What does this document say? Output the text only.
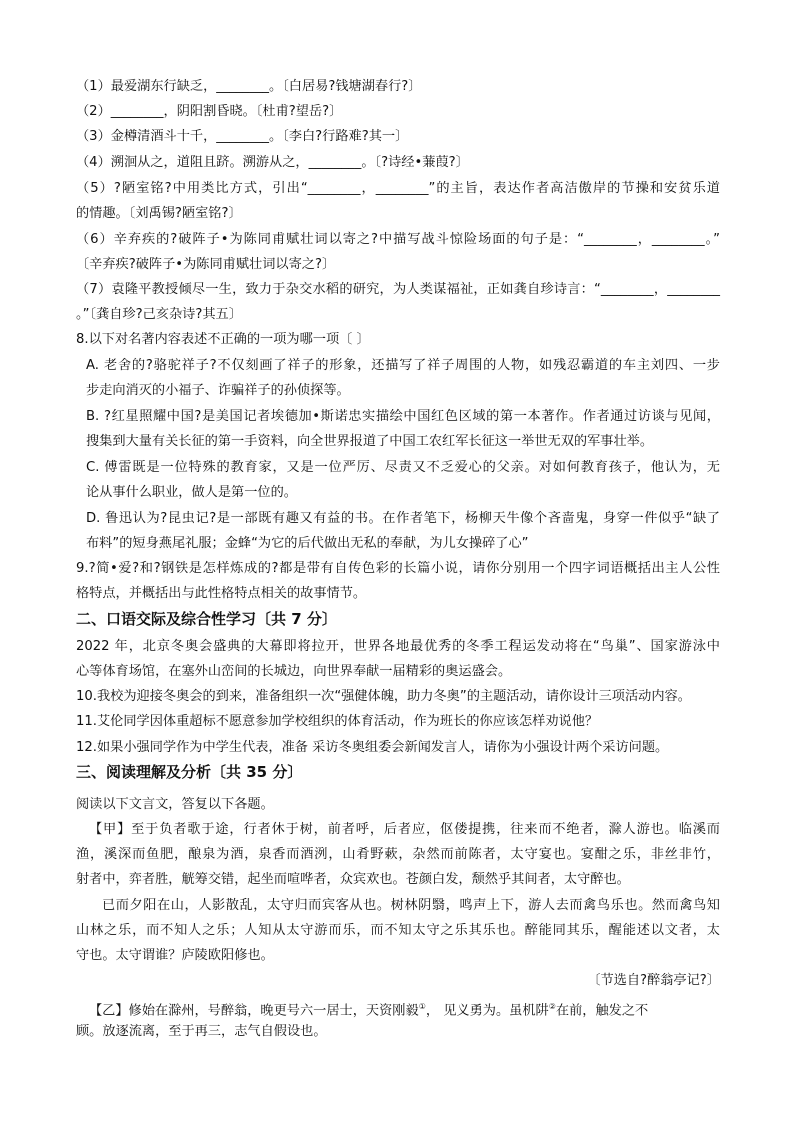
（1）最爱湖东行缺乏，________。〔白居易?钱塘湖春行?〕
（2）________，阴阳割昏晓。〔杜甫?望岳?〕
（3）金樽清酒斗十千，________。〔李白?行路难?其一〕
（4）溯洄从之，道阻且跻。溯游从之，________。〔?诗经•蒹葭?〕
（5）?陋室铭?中用类比方式，引出“________，________”的主旨，表达作者高洁傲岸的节操和安贫乐道
的情趣。〔刘禹锡?陋室铭?〕
（6）辛弃疾的?破阵子•为陈同甫赋壮词以寄之?中描写战斗惊险场面的句子是：“________，________。”
〔辛弃疾?破阵子•为陈同甫赋壮词以寄之?〕
（7）袁隆平教授倾尽一生，致力于杂交水稻的研究，为人类谋福祉，正如龚自珍诗言：“________，________
。”〔龚自珍?己亥杂诗?其五〕
8.以下对名著内容表述不正确的一项为哪一项〔 〕
A. 老舍的?骆驼祥子?不仅刻画了祥子的形象，还描写了祥子周围的人物，如残忍霸道的车主刘四、一步
步走向消灭的小福子、诈骗祥子的孙侦探等。
B. ?红星照耀中国?是美国记者埃德加•斯诺忠实描绘中国红色区域的第一本著作。作者通过访谈与见闻，
搜集到大量有关长征的第一手资料，向全世界报道了中国工农红军长征这一举世无双的军事壮举。
C. 傅雷既是一位特殊的教育家，又是一位严厉、尽责又不乏爱心的父亲。对如何教育孩子，他认为，无
论从事什么职业，做人是第一位的。
D. 鲁迅认为?昆虫记?是一部既有趣又有益的书。在作者笔下，杨柳天牛像个吝啬鬼，身穿一件似乎“缺了
布料”的短身燕尾礼服；金蜂“为它的后代做出无私的奉献，为儿女操碎了心”
9.?简•爱?和?钢铁是怎样炼成的?都是带有自传色彩的长篇小说，请你分别用一个四字词语概括出主人公性
格特点，并概括出与此性格特点相关的故事情节。
二、口语交际及综合性学习〔共 7 分〕
2022 年，北京冬奥会盛典的大幕即将拉开，世界各地最优秀的冬季工程运发动将在“鸟巢”、国家游泳中
心等体育场馆，在塞外山峦间的长城边，向世界奉献一届精彩的奥运盛会。
10.我校为迎接冬奥会的到来，准备组织一次“强健体魄，助力冬奥”的主题活动，请你设计三项活动内容。
11.艾伦同学因体重超标不愿意参加学校组织的体育活动，作为班长的你应该怎样劝说他？
12.如果小强同学作为中学生代表，准备 采访冬奥组委会新闻发言人，请你为小强设计两个采访问题。
三、阅读理解及分析〔共 35 分〕
阅读以下文言文，答复以下各题。
【甲】至于负者歌于途，行者休于树，前者呼，后者应，伛偻提携，往来而不绝者，滁人游也。临溪而
渔，溪深而鱼肥，酿泉为酒，泉香而酒洌，山肴野蔌，杂然而前陈者，太守宴也。宴酣之乐，非丝非竹，
射者中，弈者胜，觥筹交错，起坐而喧哗者，众宾欢也。苍颜白发，颓然乎其间者，太守醉也。
已而夕阳在山，人影散乱，太守归而宾客从也。树林阴翳，鸣声上下，游人去而禽鸟乐也。然而禽鸟知
山林之乐，而不知人之乐；人知从太守游而乐，而不知太守之乐其乐也。醉能同其乐，醒能述以文者，太
守也。太守谓谁？庐陵欧阳修也。
〔节选自?醉翁亭记?〕
【乙】修始在滁州，号醉翁，晚更号六一居士，天资刚毅①， 见义勇为。虽机阱②在前，触发之不
顾。放逐流离，至于再三，志气自假设也。
